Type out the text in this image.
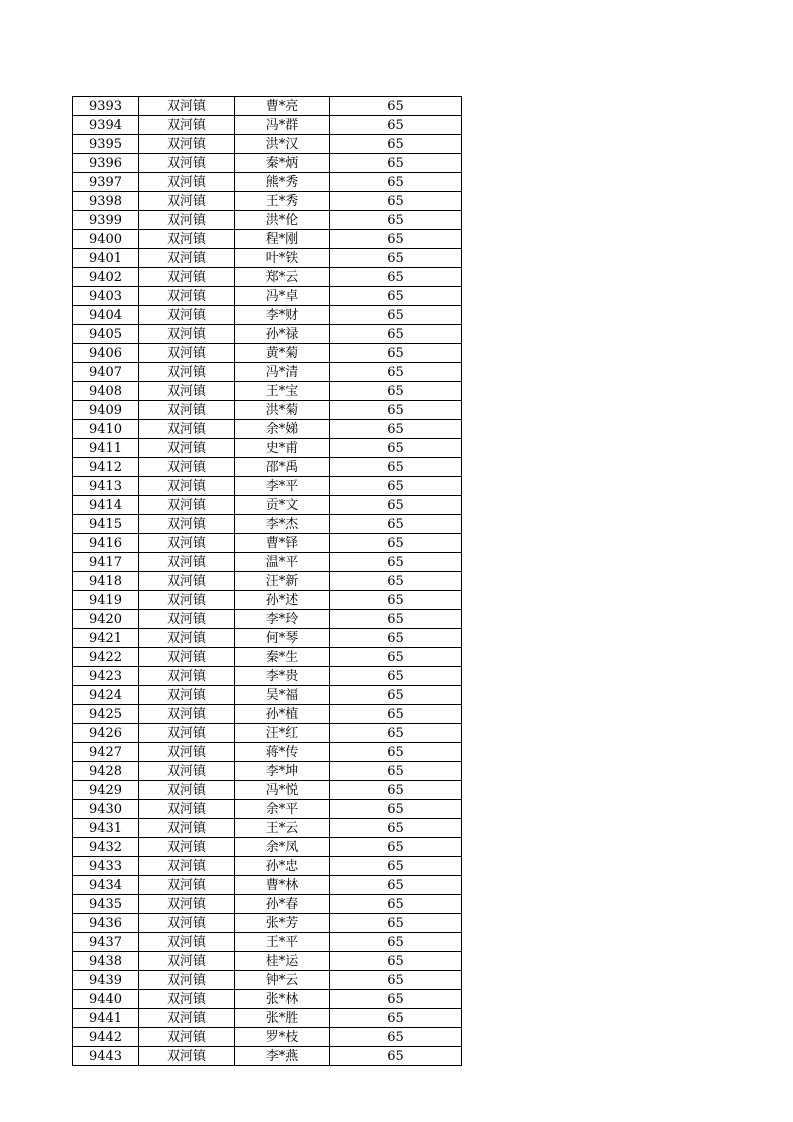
9393	双河镇	曹*亮	65
9394	双河镇	冯*群	65
9395	双河镇	洪*汉	65
9396	双河镇	秦*炳	65
9397	双河镇	熊*秀	65
9398	双河镇	王*秀	65
9399	双河镇	洪*伦	65
9400	双河镇	程*刚	65
9401	双河镇	叶*铁	65
9402	双河镇	郑*云	65
9403	双河镇	冯*卓	65
9404	双河镇	李*财	65
9405	双河镇	孙*禄	65
9406	双河镇	黄*菊	65
9407	双河镇	冯*清	65
9408	双河镇	王*宝	65
9409	双河镇	洪*菊	65
9410	双河镇	余*娣	65
9411	双河镇	史*甫	65
9412	双河镇	邵*禹	65
9413	双河镇	李*平	65
9414	双河镇	贡*文	65
9415	双河镇	李*杰	65
9416	双河镇	曹*铎	65
9417	双河镇	温*平	65
9418	双河镇	汪*新	65
9419	双河镇	孙*述	65
9420	双河镇	李*玲	65
9421	双河镇	何*琴	65
9422	双河镇	秦*生	65
9423	双河镇	李*贵	65
9424	双河镇	吴*福	65
9425	双河镇	孙*植	65
9426	双河镇	汪*红	65
9427	双河镇	蒋*传	65
9428	双河镇	李*坤	65
9429	双河镇	冯*悦	65
9430	双河镇	余*平	65
9431	双河镇	王*云	65
9432	双河镇	余*凤	65
9433	双河镇	孙*忠	65
9434	双河镇	曹*林	65
9435	双河镇	孙*春	65
9436	双河镇	张*芳	65
9437	双河镇	王*平	65
9438	双河镇	桂*运	65
9439	双河镇	钟*云	65
9440	双河镇	张*林	65
9441	双河镇	张*胜	65
9442	双河镇	罗*枝	65
9443	双河镇	李*燕	65
